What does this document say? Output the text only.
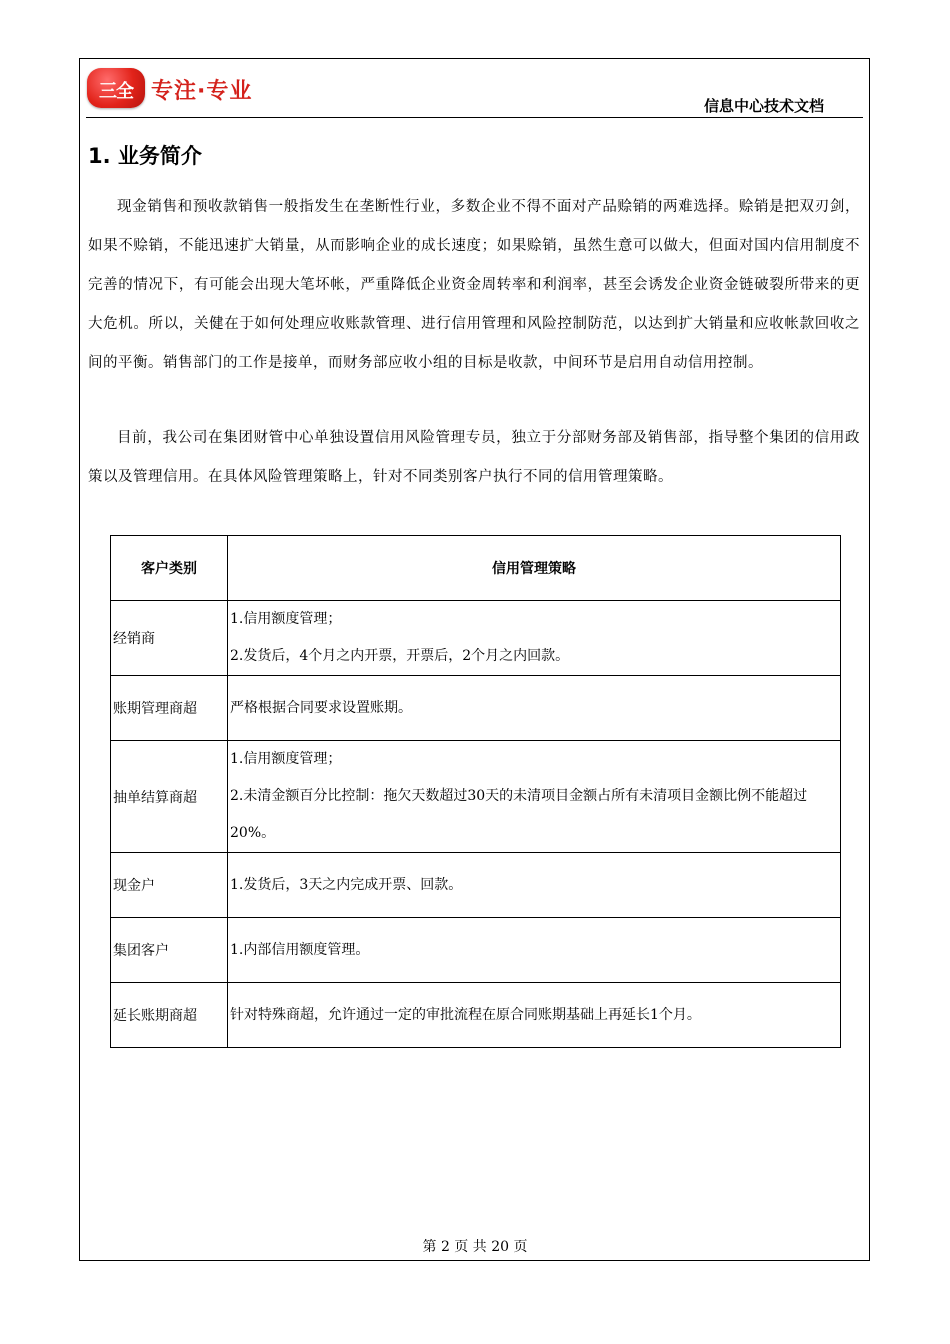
三全 专注·专业
信息中心技术文档
1. 业务简介

现金销售和预收款销售一般指发生在垄断性行业，多数企业不得不面对产品赊销的两难选择。赊销是把双刃剑，如果不赊销，不能迅速扩大销量，从而影响企业的成长速度；如果赊销，虽然生意可以做大，但面对国内信用制度不完善的情况下，有可能会出现大笔坏帐，严重降低企业资金周转率和利润率，甚至会诱发企业资金链破裂所带来的更大危机。所以，关健在于如何处理应收账款管理、进行信用管理和风险控制防范，以达到扩大销量和应收帐款回收之间的平衡。销售部门的工作是接单，而财务部应收小组的目标是收款，中间环节是启用自动信用控制。

目前，我公司在集团财管中心单独设置信用风险管理专员，独立于分部财务部及销售部，指导整个集团的信用政策以及管理信用。在具体风险管理策略上，针对不同类别客户执行不同的信用管理策略。

客户类别	信用管理策略
经销商	1.信用额度管理；
2.发货后，4个月之内开票，开票后，2个月之内回款。

账期管理商超	严格根据合同要求设置账期。

抽单结算商超	1.信用额度管理；
2.未清金额百分比控制：拖欠天数超过30天的未清项目金额占所有未清项目金额比例不能超过20%。

现金户	1.发货后，3天之内完成开票、回款。

集团客户	1.内部信用额度管理。

延长账期商超	针对特殊商超，允许通过一定的审批流程在原合同账期基础上再延长1个月。
第 2 页 共 20 页
